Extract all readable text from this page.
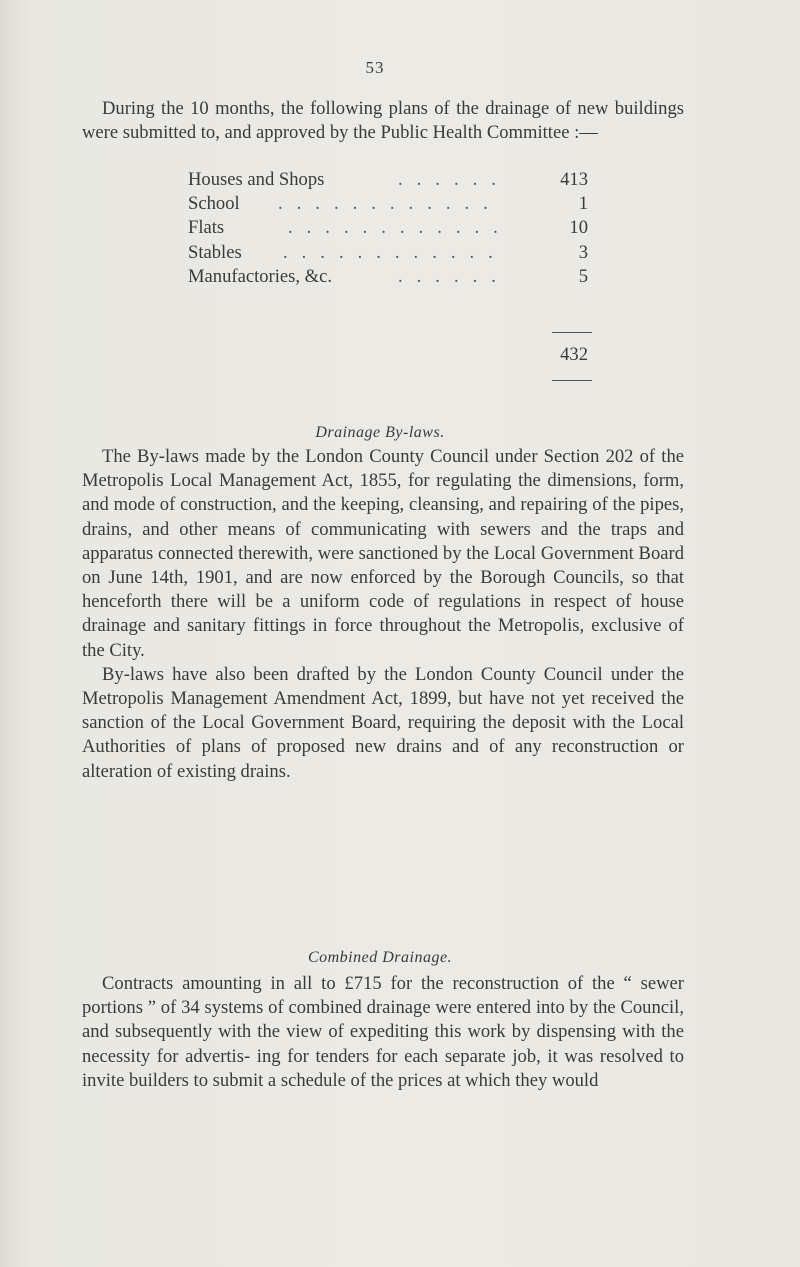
53

During the 10 months, the following plans of the drainage of new buildings were submitted to, and approved by the Public Health Committee :—

Houses and Shops	......	413
School ............	1
Flats	............	10
Stables ............	3
Manufactories, &c.	......	5
432
Drainage By-laws.

The By-laws made by the London County Council under Section 202 of the Metropolis Local Management Act, 1855, for regulating the dimensions, form, and mode of construction, and the keeping, cleansing, and repairing of the pipes, drains, and other means of communicating with sewers and the traps and apparatus connected therewith, were sanctioned by the Local Government Board on June 14th, 1901, and are now enforced by the Borough Councils, so that henceforth there will be a uniform code of regulations in respect of house drainage and sanitary fittings in force throughout the Metropolis, exclusive of the City.

By-laws have also been drafted by the London County Council under the Metropolis Management Amendment Act, 1899, but have not yet received the sanction of the Local Government Board, requiring the deposit with the Local Authorities of plans of proposed new drains and of any reconstruction or alteration of existing drains.

Combined Drainage.

Contracts amounting in all to £715 for the reconstruction of the “ sewer portions ” of 34 systems of combined drainage were entered into by the Council, and subsequently with the view of expediting this work by dispensing with the necessity for advertis- ing for tenders for each separate job, it was resolved to invite builders to submit a schedule of the prices at which they would
